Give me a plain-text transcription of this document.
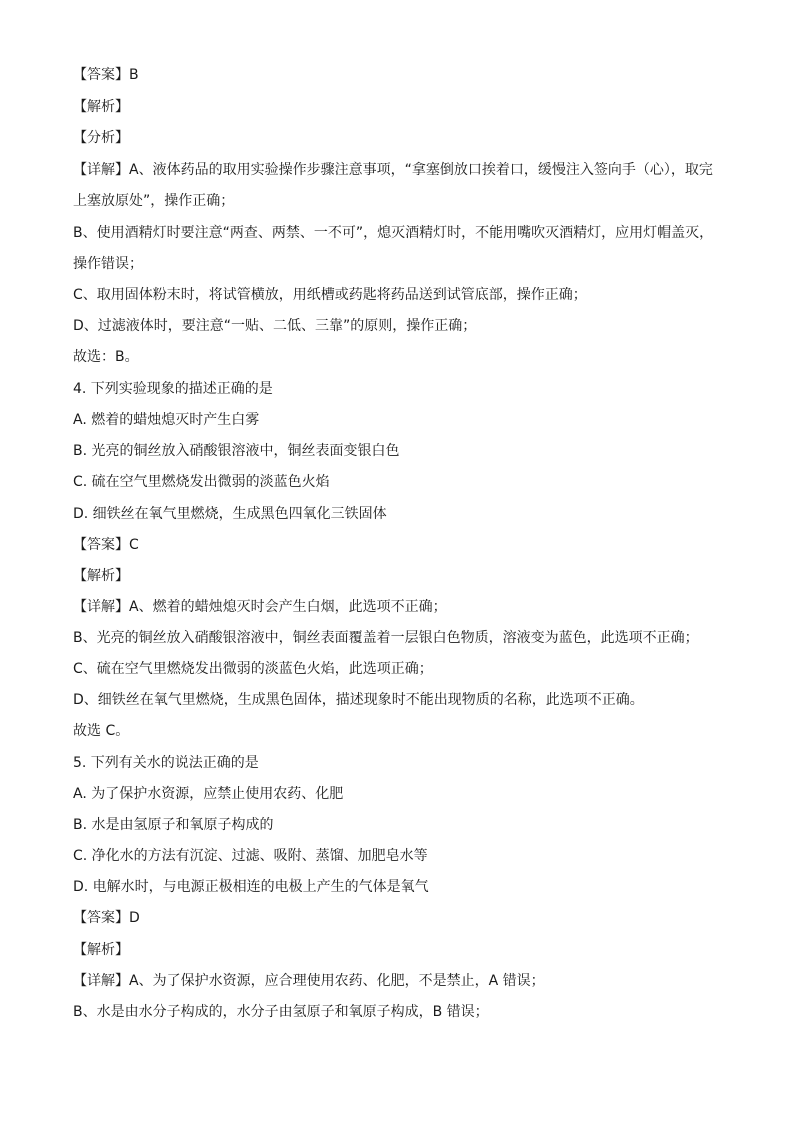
【答案】B
【解析】
【分析】
【详解】A、液体药品的取用实验操作步骤注意事项，“拿塞倒放口挨着口，缓慢注入签向手（心），取完
上塞放原处”，操作正确；
B、使用酒精灯时要注意“两查、两禁、一不可”，熄灭酒精灯时，不能用嘴吹灭酒精灯，应用灯帽盖灭，
操作错误；
C、取用固体粉末时，将试管横放，用纸槽或药匙将药品送到试管底部，操作正确；
D、过滤液体时，要注意“一贴、二低、三靠”的原则，操作正确；
故选：B。
4. 下列实验现象的描述正确的是
A. 燃着的蜡烛熄灭时产生白雾
B. 光亮的铜丝放入硝酸银溶液中，铜丝表面变银白色
C. 硫在空气里燃烧发出微弱的淡蓝色火焰
D. 细铁丝在氧气里燃烧，生成黑色四氧化三铁固体
【答案】C
【解析】
【详解】A、燃着的蜡烛熄灭时会产生白烟，此选项不正确；
B、光亮的铜丝放入硝酸银溶液中，铜丝表面覆盖着一层银白色物质，溶液变为蓝色，此选项不正确；
C、硫在空气里燃烧发出微弱的淡蓝色火焰，此选项正确；
D、细铁丝在氧气里燃烧，生成黑色固体，描述现象时不能出现物质的名称，此选项不正确。
故选 C。
5. 下列有关水的说法正确的是
A. 为了保护水资源，应禁止使用农药、化肥
B. 水是由氢原子和氧原子构成的
C. 净化水的方法有沉淀、过滤、吸附、蒸馏、加肥皂水等
D. 电解水时，与电源正极相连的电极上产生的气体是氧气
【答案】D
【解析】
【详解】A、为了保护水资源，应合理使用农药、化肥，不是禁止，A 错误；
B、水是由水分子构成的，水分子由氢原子和氧原子构成，B 错误；
